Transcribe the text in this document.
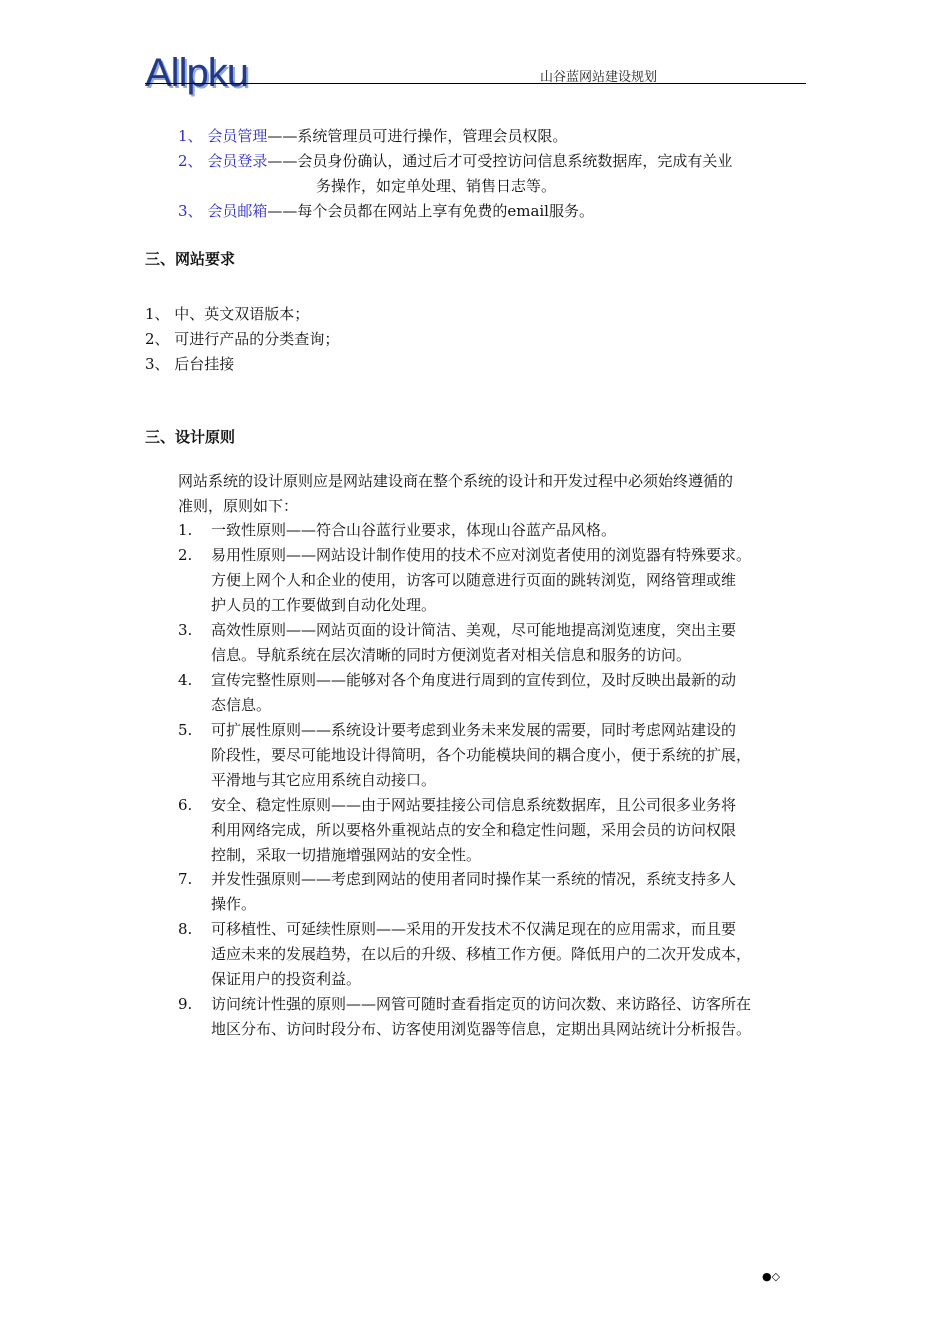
Allpku	山谷蓝网站建设规划
1、 会员管理——系统管理员可进行操作，管理会员权限。
2、 会员登录——会员身份确认，通过后才可受控访问信息系统数据库，完成有关业
务操作，如定单处理、销售日志等。
3、 会员邮箱——每个会员都在网站上享有免费的email服务。
三、网站要求
1、 中、英文双语版本；
2、 可进行产品的分类查询；
3、 后台挂接
三、设计原则
网站系统的设计原则应是网站建设商在整个系统的设计和开发过程中必须始终遵循的
准则，原则如下：
1. 一致性原则——符合山谷蓝行业要求，体现山谷蓝产品风格。
2. 易用性原则——网站设计制作使用的技术不应对浏览者使用的浏览器有特殊要求。
方便上网个人和企业的使用，访客可以随意进行页面的跳转浏览，网络管理或维
护人员的工作要做到自动化处理。
3. 高效性原则——网站页面的设计简洁、美观，尽可能地提高浏览速度，突出主要
信息。导航系统在层次清晰的同时方便浏览者对相关信息和服务的访问。
4. 宣传完整性原则——能够对各个角度进行周到的宣传到位，及时反映出最新的动
态信息。
5. 可扩展性原则——系统设计要考虑到业务未来发展的需要，同时考虑网站建设的
阶段性，要尽可能地设计得简明，各个功能模块间的耦合度小，便于系统的扩展，
平滑地与其它应用系统自动接口。
6. 安全、稳定性原则——由于网站要挂接公司信息系统数据库，且公司很多业务将
利用网络完成，所以要格外重视站点的安全和稳定性问题，采用会员的访问权限
控制，采取一切措施增强网站的安全性。
7. 并发性强原则——考虑到网站的使用者同时操作某一系统的情况，系统支持多人
操作。
8. 可移植性、可延续性原则——采用的开发技术不仅满足现在的应用需求，而且要
适应未来的发展趋势，在以后的升级、移植工作方便。降低用户的二次开发成本，
保证用户的投资利益。
9. 访问统计性强的原则——网管可随时查看指定页的访问次数、来访路径、访客所在
地区分布、访问时段分布、访客使用浏览器等信息，定期出具网站统计分析报告。
●◇
